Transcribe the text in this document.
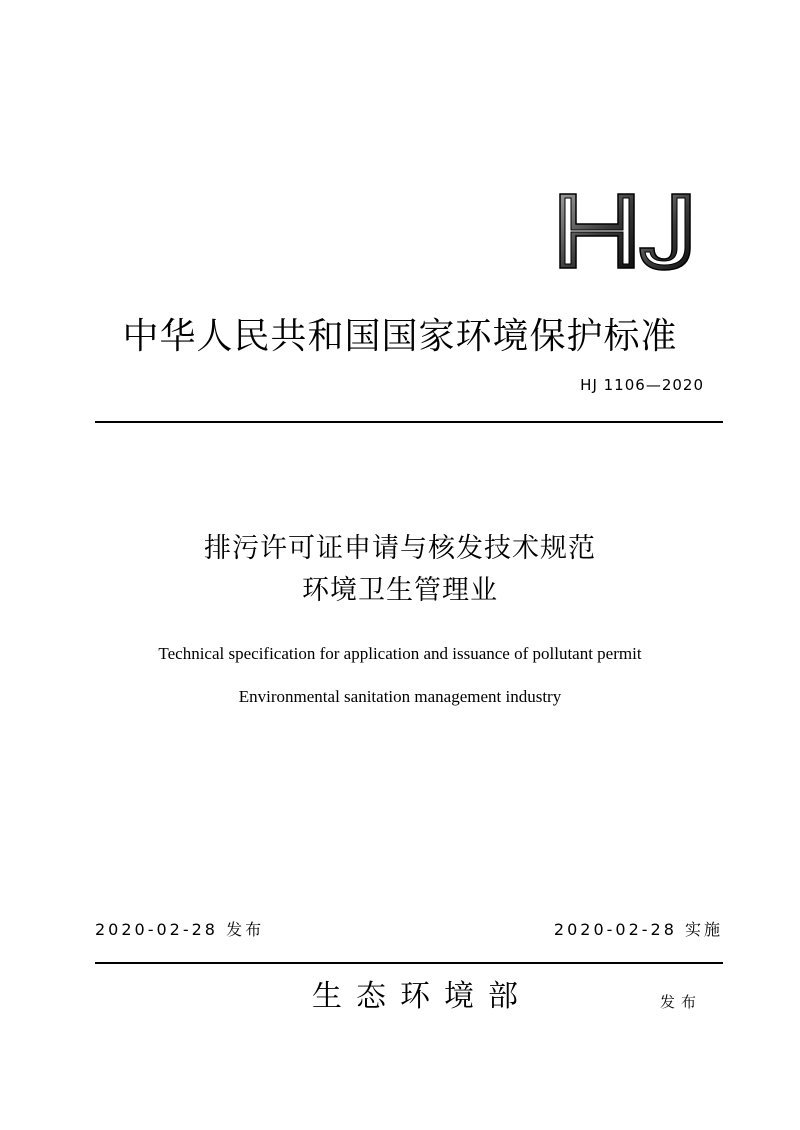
中华人民共和国国家环境保护标准
HJ 1106—2020
排污许可证申请与核发技术规范
环境卫生管理业
Technical specification for application and issuance of pollutant permit
Environmental sanitation management industry
2020-02-28 发布	2020-02-28 实施
生态环境部	发布
